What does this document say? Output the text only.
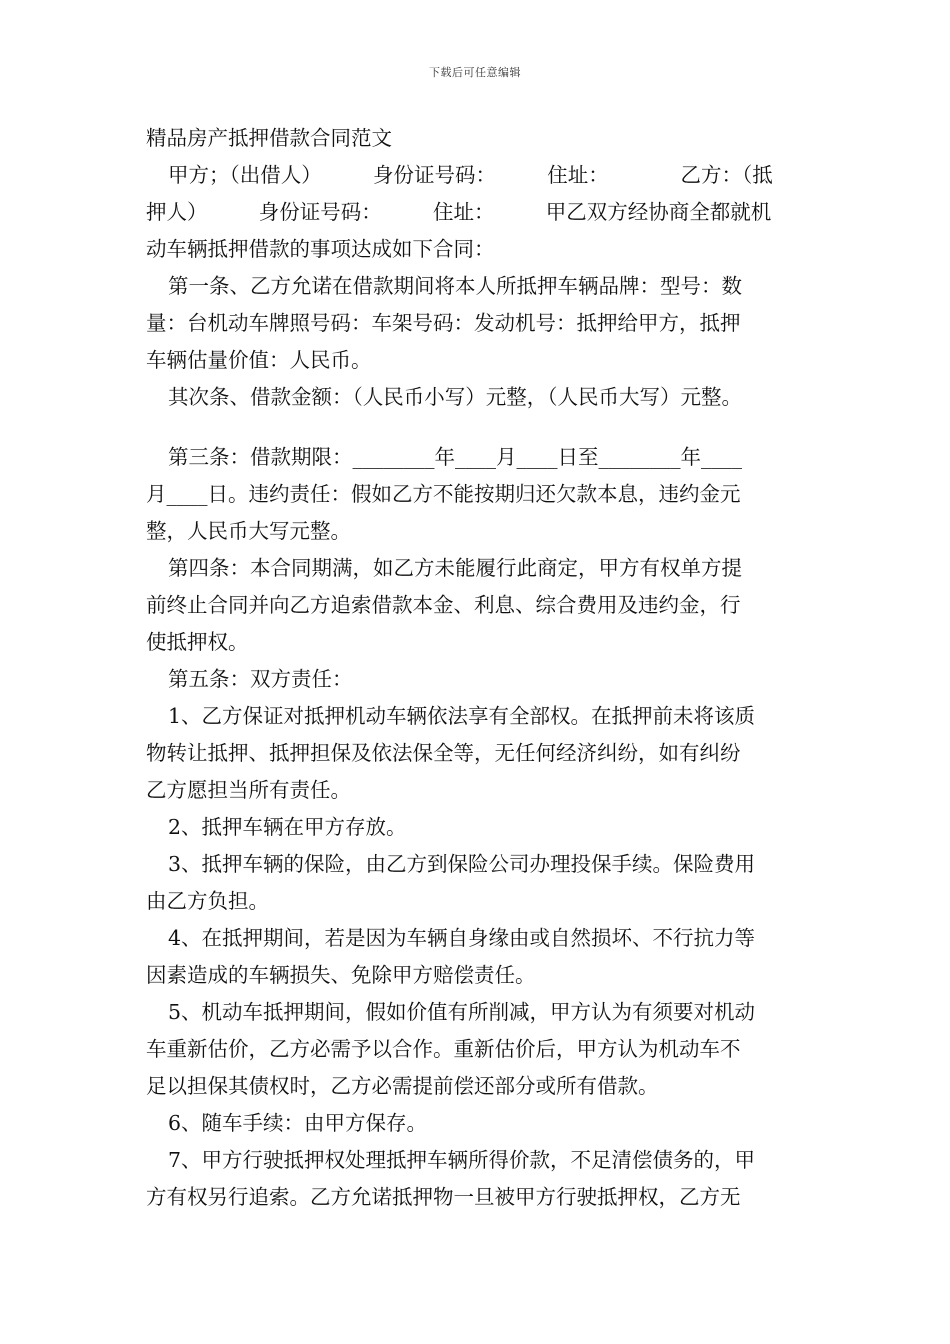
下载后可任意编辑
精品房产抵押借款合同范文
甲方；（出借人）　　　身份证号码：　　　住址：　　　　乙方：（抵
押人）　　　身份证号码：　　　住址：　　　甲乙双方经协商全都就机
动车辆抵押借款的事项达成如下合同：
第一条、乙方允诺在借款期间将本人所抵押车辆品牌：型号：数
量：台机动车牌照号码：车架号码：发动机号：抵押给甲方，抵押
车辆估量价值：人民币。
其次条、借款金额：（人民币小写）元整，（人民币大写）元整。
第三条：借款期限：________年____月____日至________年____
月____日。违约责任：假如乙方不能按期归还欠款本息，违约金元
整，人民币大写元整。
第四条：本合同期满，如乙方未能履行此商定，甲方有权单方提
前终止合同并向乙方追索借款本金、利息、综合费用及违约金，行
使抵押权。
第五条：双方责任：
1、乙方保证对抵押机动车辆依法享有全部权。在抵押前未将该质
物转让抵押、抵押担保及依法保全等，无任何经济纠纷，如有纠纷
乙方愿担当所有责任。
2、抵押车辆在甲方存放。
3、抵押车辆的保险，由乙方到保险公司办理投保手续。保险费用
由乙方负担。
4、在抵押期间，若是因为车辆自身缘由或自然损坏、不行抗力等
因素造成的车辆损失、免除甲方赔偿责任。
5、机动车抵押期间，假如价值有所削减，甲方认为有须要对机动
车重新估价，乙方必需予以合作。重新估价后，甲方认为机动车不
足以担保其债权时，乙方必需提前偿还部分或所有借款。
6、随车手续：由甲方保存。
7、甲方行驶抵押权处理抵押车辆所得价款，不足清偿债务的，甲
方有权另行追索。乙方允诺抵押物一旦被甲方行驶抵押权，乙方无
